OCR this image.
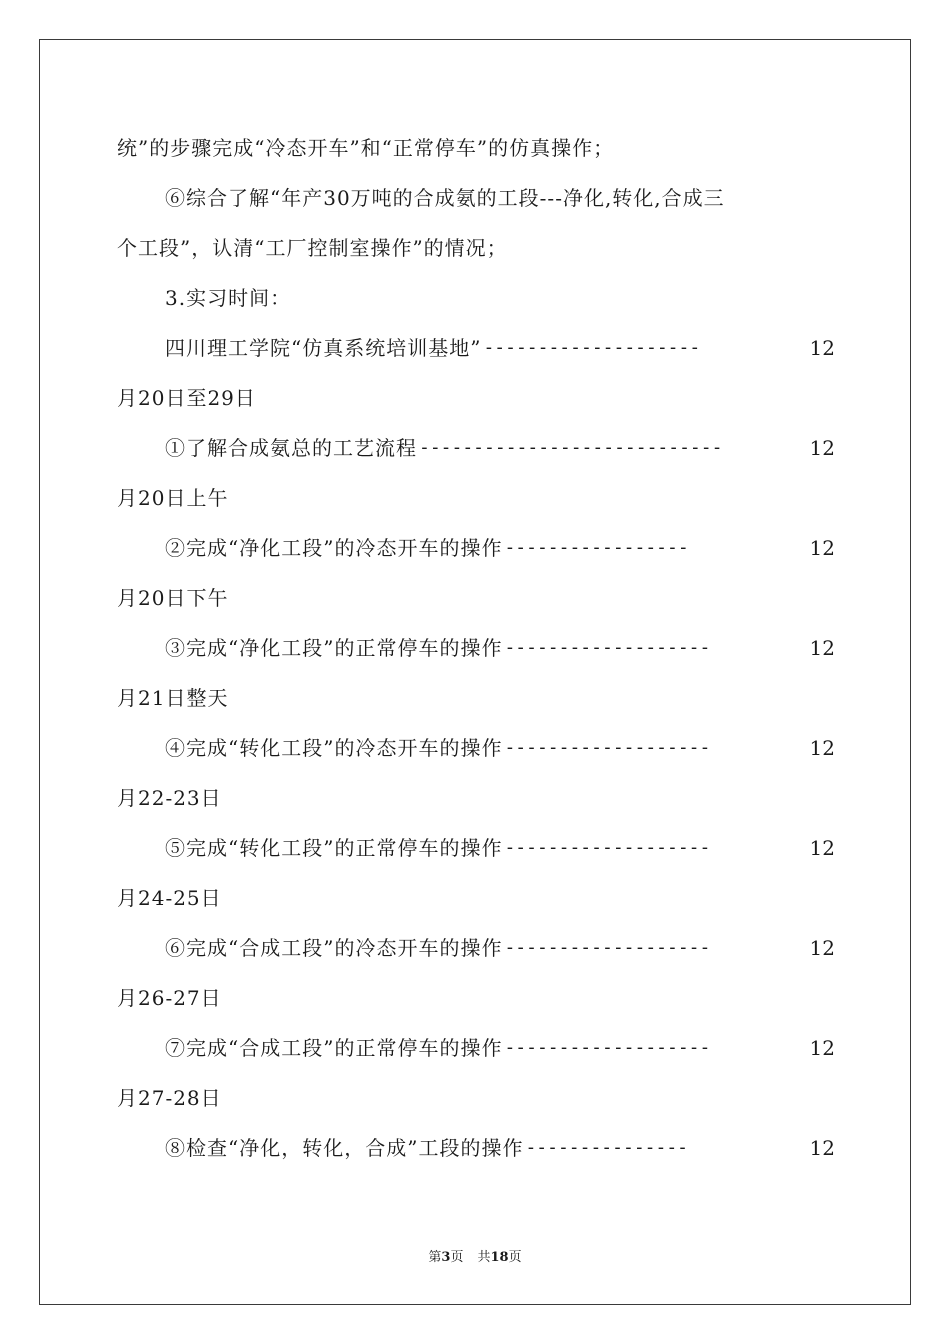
统”的步骤完成“冷态开车”和“正常停车”的仿真操作；
⑥综合了解“年产30万吨的合成氨的工段---净化,转化,合成三
个工段”，认清“工厂控制室操作”的情况；
3.实习时间：
四川理工学院“仿真系统培训基地” --------------------	12
月20日至29日
①了解合成氨总的工艺流程 ----------------------------	12
月20日上午
②完成“净化工段”的冷态开车的操作 -----------------	12
月20日下午
③完成“净化工段”的正常停车的操作 -------------------	12
月21日整天
④完成“转化工段”的冷态开车的操作 -------------------	12
月22-23日
⑤完成“转化工段”的正常停车的操作 -------------------	12
月24-25日
⑥完成“合成工段”的冷态开车的操作 -------------------	12
月26-27日
⑦完成“合成工段”的正常停车的操作 -------------------	12
月27-28日
⑧检查“净化，转化，合成”工段的操作 ---------------	12
第3页 共18页
